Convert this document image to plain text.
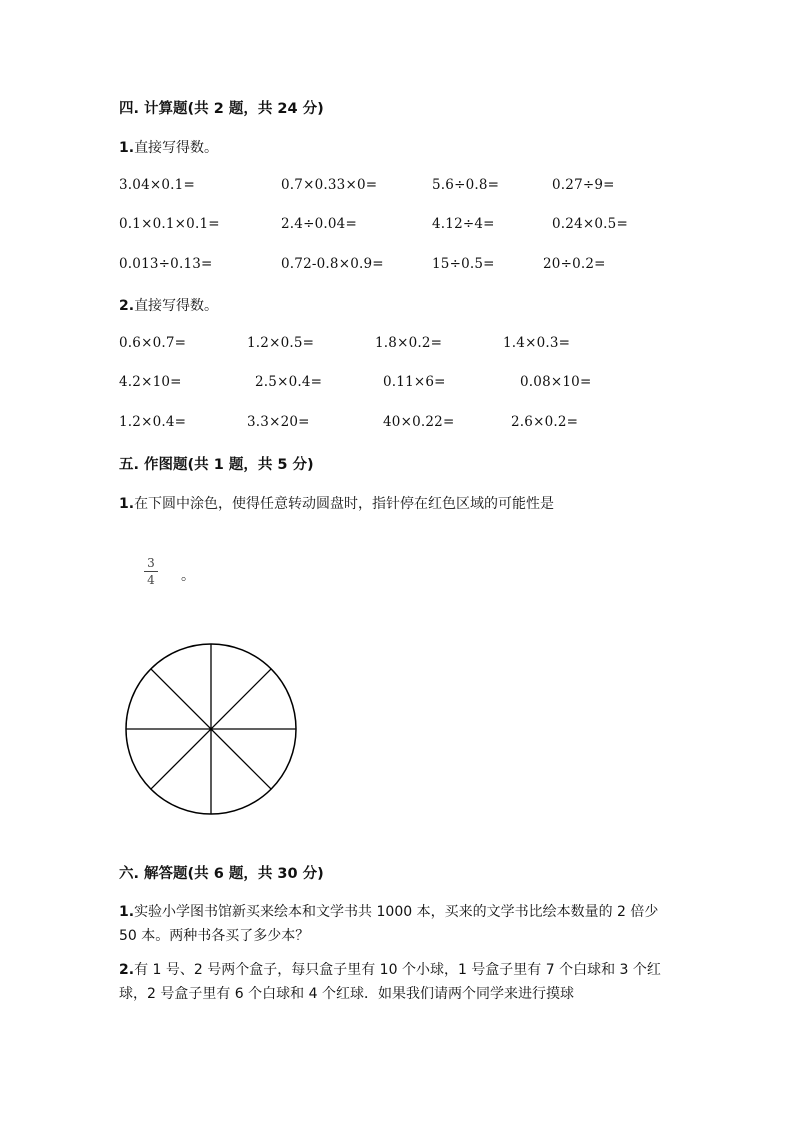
四. 计算题(共 2 题，共 24 分)
1.直接写得数。
3.04×0.1=	0.7×0.33×0=	5.6÷0.8=	0.27÷9=
0.1×0.1×0.1=	2.4÷0.04=	4.12÷4=	0.24×0.5=
0.013÷0.13=	0.72-0.8×0.9=	15÷0.5=	20÷0.2=
2.直接写得数。
0.6×0.7=	1.2×0.5=	1.8×0.2=	1.4×0.3=
4.2×10=	2.5×0.4=	0.11×6=	0.08×10=
1.2×0.4=	3.3×20=	40×0.22=	2.6×0.2=
五. 作图题(共 1 题，共 5 分)
1.在下圆中涂色，使得任意转动圆盘时，指针停在红色区域的可能性是
3
4 。
六. 解答题(共 6 题，共 30 分)
1.实验小学图书馆新买来绘本和文学书共 1000 本，买来的文学书比绘本数量的 2 倍少 50 本。两种书各买了多少本？
2.有 1 号、2 号两个盒子，每只盒子里有 10 个小球，1 号盒子里有 7 个白球和 3 个红球，2 号盒子里有 6 个白球和 4 个红球．如果我们请两个同学来进行摸球
